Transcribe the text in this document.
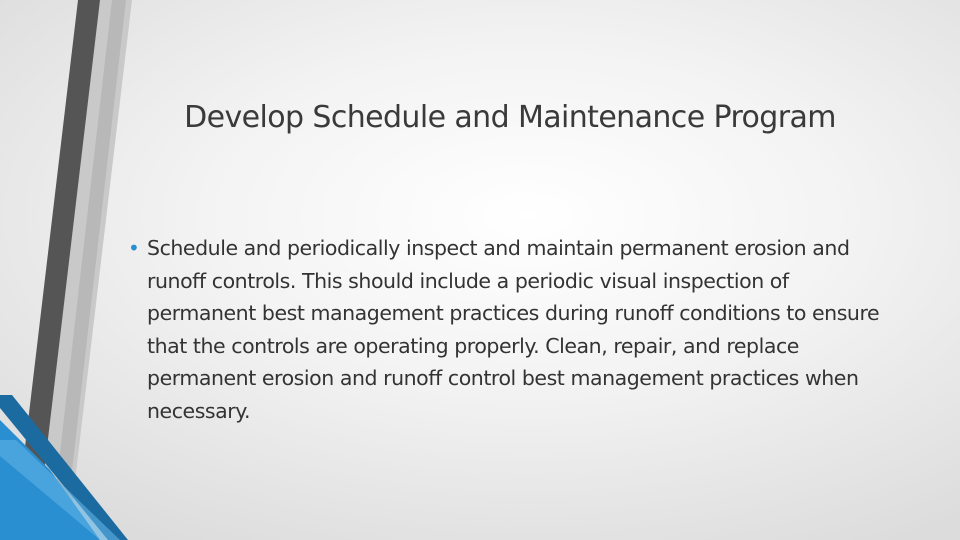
Develop Schedule and Maintenance Program
• Schedule and periodically inspect and maintain permanent erosion and runoff controls. This should include a periodic visual inspection of permanent best management practices during runoff conditions to ensure that the controls are operating properly. Clean, repair, and replace permanent erosion and runoff control best management practices when necessary.
